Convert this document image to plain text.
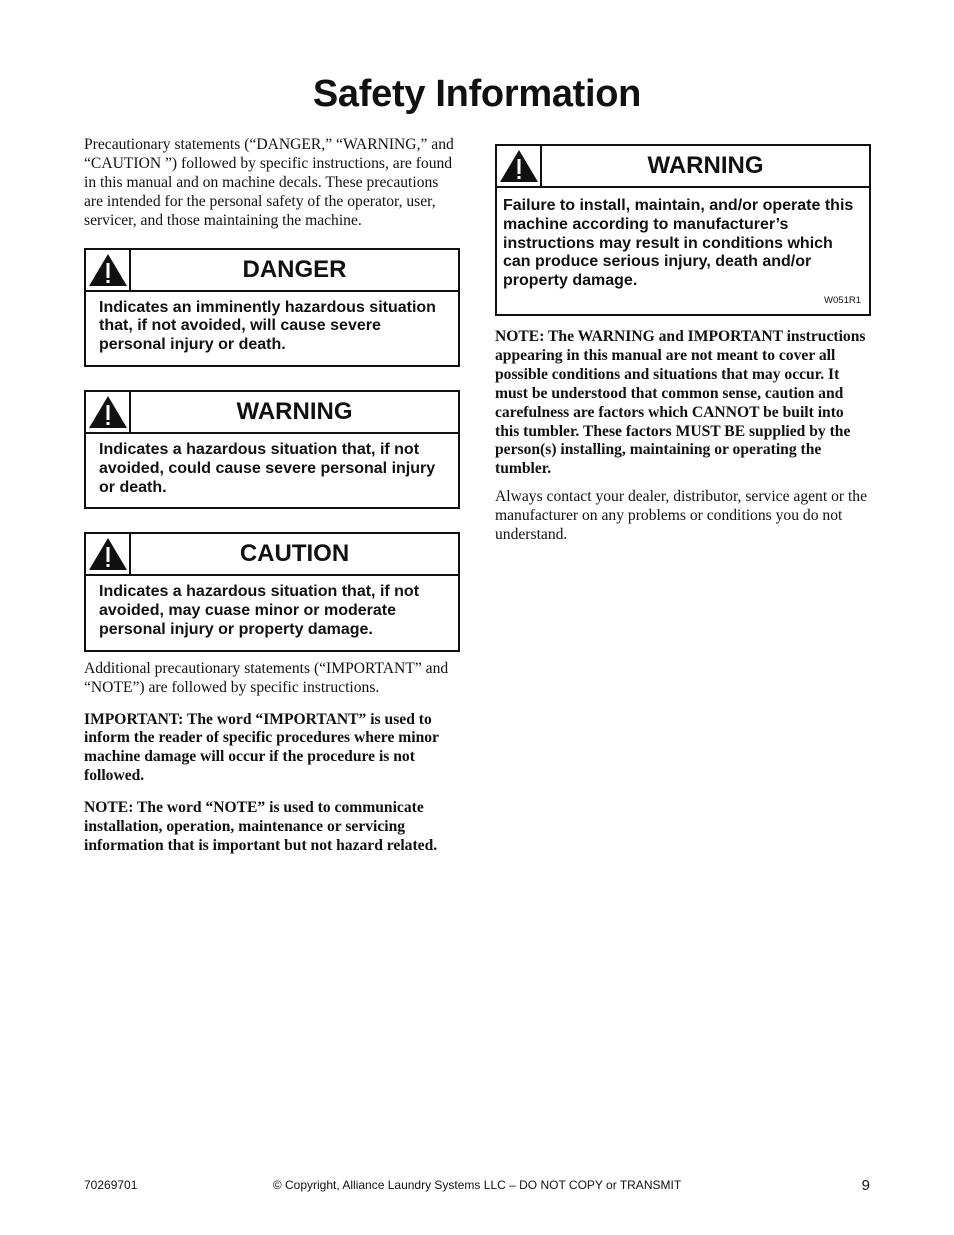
Safety Information

Precautionary statements (“DANGER,” “WARNING,” and “CAUTION ”) followed by specific instructions, are found in this manual and on machine decals. These precautions are intended for the personal safety of the operator, user, servicer, and those maintaining the machine.

DANGER
Indicates an imminently hazardous situation that, if not avoided, will cause severe personal injury or death.
WARNING
Indicates a hazardous situation that, if not avoided, could cause severe personal injury or death.
CAUTION
Indicates a hazardous situation that, if not avoided, may cuase minor or moderate personal injury or property damage.

Additional precautionary statements (“IMPORTANT” and “NOTE”) are followed by specific instructions.

IMPORTANT: The word “IMPORTANT” is used to inform the reader of specific procedures where minor machine damage will occur if the procedure is not followed.

NOTE: The word “NOTE” is used to communicate installation, operation, maintenance or servicing information that is important but not hazard related.

WARNING
Failure to install, maintain, and/or operate this machine according to manufacturer’s instructions may result in conditions which can produce serious injury, death and/or property damage.
W051R1

NOTE: The WARNING and IMPORTANT instructions appearing in this manual are not meant to cover all possible conditions and situations that may occur. It must be understood that common sense, caution and carefulness are factors which CANNOT be built into this tumbler. These factors MUST BE supplied by the person(s) installing, maintaining or operating the tumbler.

Always contact your dealer, distributor, service agent or the manufacturer on any problems or conditions you do not understand.

70269701	© Copyright, Alliance Laundry Systems LLC – DO NOT COPY or TRANSMIT	9
